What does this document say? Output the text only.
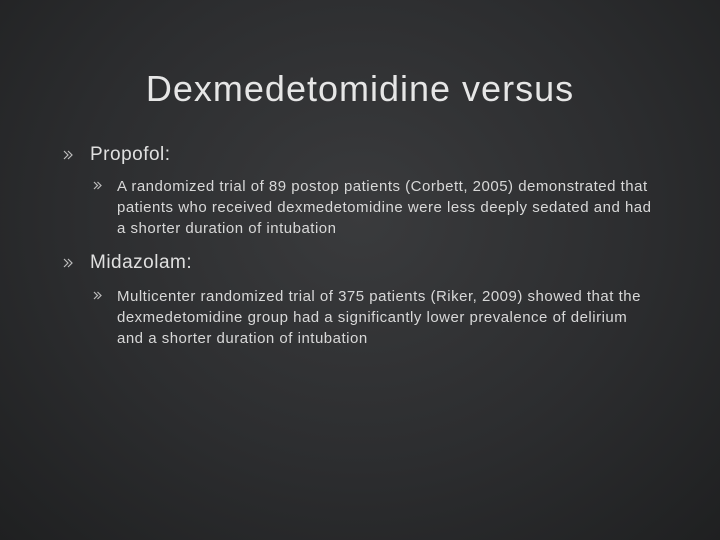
Dexmedetomidine versus
Propofol:
A randomized trial of 89 postop patients (Corbett, 2005) demonstrated that patients who received dexmedetomidine were less deeply sedated and had a shorter duration of intubation
Midazolam:
Multicenter randomized trial of 375 patients (Riker, 2009) showed that the dexmedetomidine group had a significantly lower prevalence of delirium and a shorter duration of intubation
